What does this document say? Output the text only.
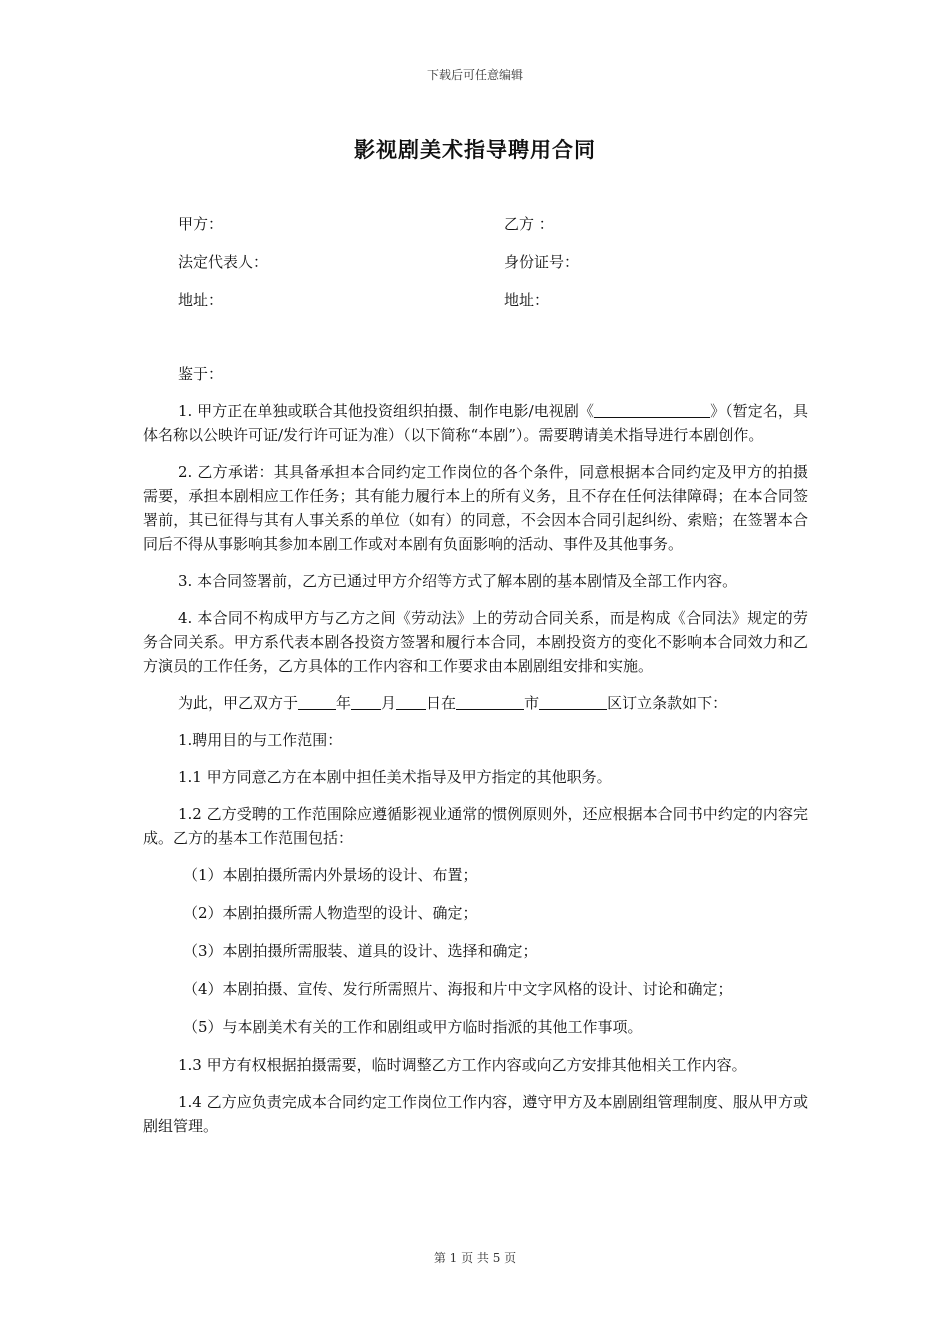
下载后可任意编辑
影视剧美术指导聘用合同
甲方：	乙方 ：
法定代表人：	身份证号：
地址：	地址：

鉴于：

1. 甲方正在单独或联合其他投资组织拍摄、制作电影/电视剧《	》（暂定名，具体名称以公映许可证/发行许可证为准）（以下简称“本剧”）。需要聘请美术指导进行本剧创作。

2. 乙方承诺：其具备承担本合同约定工作岗位的各个条件，同意根据本合同约定及甲方的拍摄需要，承担本剧相应工作任务；其有能力履行本上的所有义务，且不存在任何法律障碍；在本合同签署前，其已征得与其有人事关系的单位（如有）的同意，不会因本合同引起纠纷、索赔；在签署本合同后不得从事影响其参加本剧工作或对本剧有负面影响的活动、事件及其他事务。

3. 本合同签署前，乙方已通过甲方介绍等方式了解本剧的基本剧情及全部工作内容。

4. 本合同不构成甲方与乙方之间《劳动法》上的劳动合同关系，而是构成《合同法》规定的劳务合同关系。甲方系代表本剧各投资方签署和履行本合同，本剧投资方的变化不影响本合同效力和乙方演员的工作任务，乙方具体的工作内容和工作要求由本剧剧组安排和实施。

为此，甲乙双方于	年 月 日在	市	区订立条款如下：

1.聘用目的与工作范围：

1.1 甲方同意乙方在本剧中担任美术指导及甲方指定的其他职务。

1.2 乙方受聘的工作范围除应遵循影视业通常的惯例原则外，还应根据本合同书中约定的内容完成。乙方的基本工作范围包括：

（1）本剧拍摄所需内外景场的设计、布置；

（2）本剧拍摄所需人物造型的设计、确定；

（3）本剧拍摄所需服装、道具的设计、选择和确定；

（4）本剧拍摄、宣传、发行所需照片、海报和片中文字风格的设计、讨论和确定；

（5）与本剧美术有关的工作和剧组或甲方临时指派的其他工作事项。

1.3 甲方有权根据拍摄需要，临时调整乙方工作内容或向乙方安排其他相关工作内容。

1.4 乙方应负责完成本合同约定工作岗位工作内容，遵守甲方及本剧剧组管理制度、服从甲方或剧组管理。

第 1 页 共 5 页
